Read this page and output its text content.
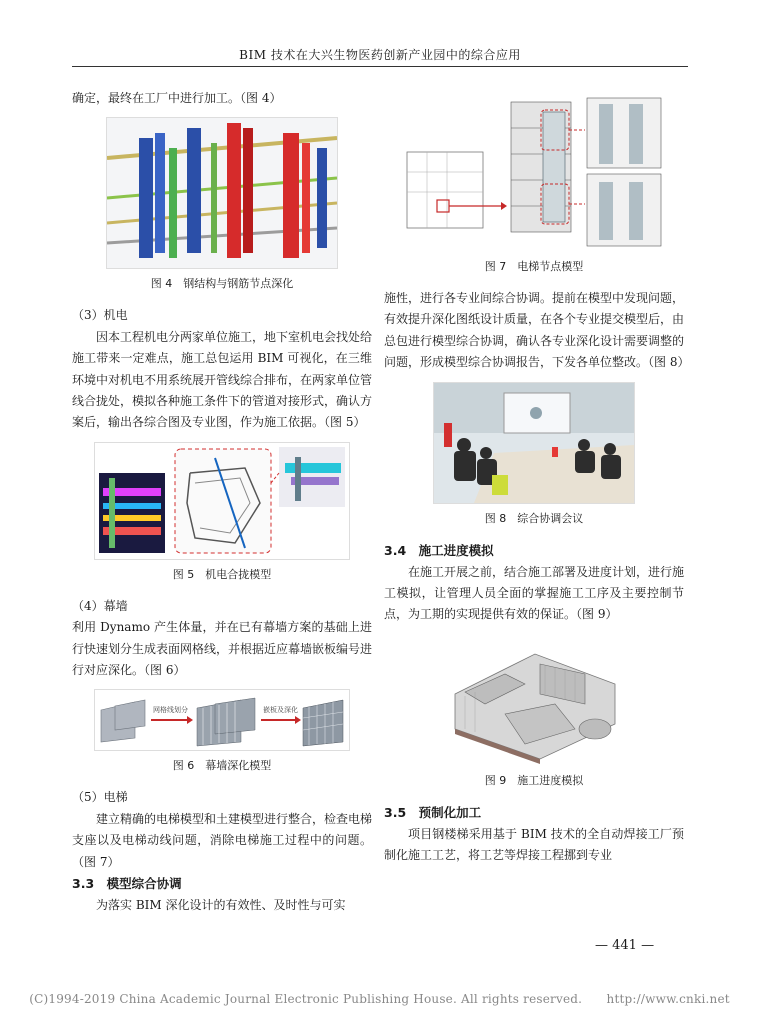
BIM 技术在大兴生物医药创新产业园中的综合应用

确定，最终在工厂中进行加工。（图 4）

图 4　钢结构与钢筋节点深化

（3）机电

因本工程机电分两家单位施工，地下室机电会找处给施工带来一定难点，施工总包运用 BIM 可视化，在三维环境中对机电不用系统展开管线综合排布，在两家单位管线合拢处，模拟各种施工条件下的管道对接形式，确认方案后，输出各综合图及专业图，作为施工依据。（图 5）

图 5　机电合拢模型

（4）幕墙

利用 Dynamo 产生体量，并在已有幕墙方案的基础上进行快速划分生成表面网格线，并根据近应幕墙嵌板编号进行对应深化。（图 6）

网格线划分	嵌板及深化
图 6　幕墙深化模型

（5）电梯

建立精确的电梯模型和土建模型进行整合，检查电梯支座以及电梯动线问题，消除电梯施工过程中的问题。（图 7）

3.3　模型综合协调

为落实 BIM 深化设计的有效性、及时性与可实

图 7　电梯节点模型

施性，进行各专业间综合协调。提前在模型中发现问题，有效提升深化图纸设计质量，在各个专业提交模型后，由总包进行模型综合协调，确认各专业深化设计需要调整的问题，形成模型综合协调报告，下发各单位整改。（图 8）

图 8　综合协调会议

3.4　施工进度模拟

在施工开展之前，结合施工部署及进度计划，进行施工模拟，让管理人员全面的掌握施工工序及主要控制节点，为工期的实现提供有效的保证。（图 9）

图 9　施工进度模拟

3.5　预制化加工

项目钢楼梯采用基于 BIM 技术的全自动焊接工厂预制化施工工艺，将工艺等焊接工程挪到专业

— 441 —
(C)1994-2019 China Academic Journal Electronic Publishing House. All rights reserved.　　http://www.cnki.net
